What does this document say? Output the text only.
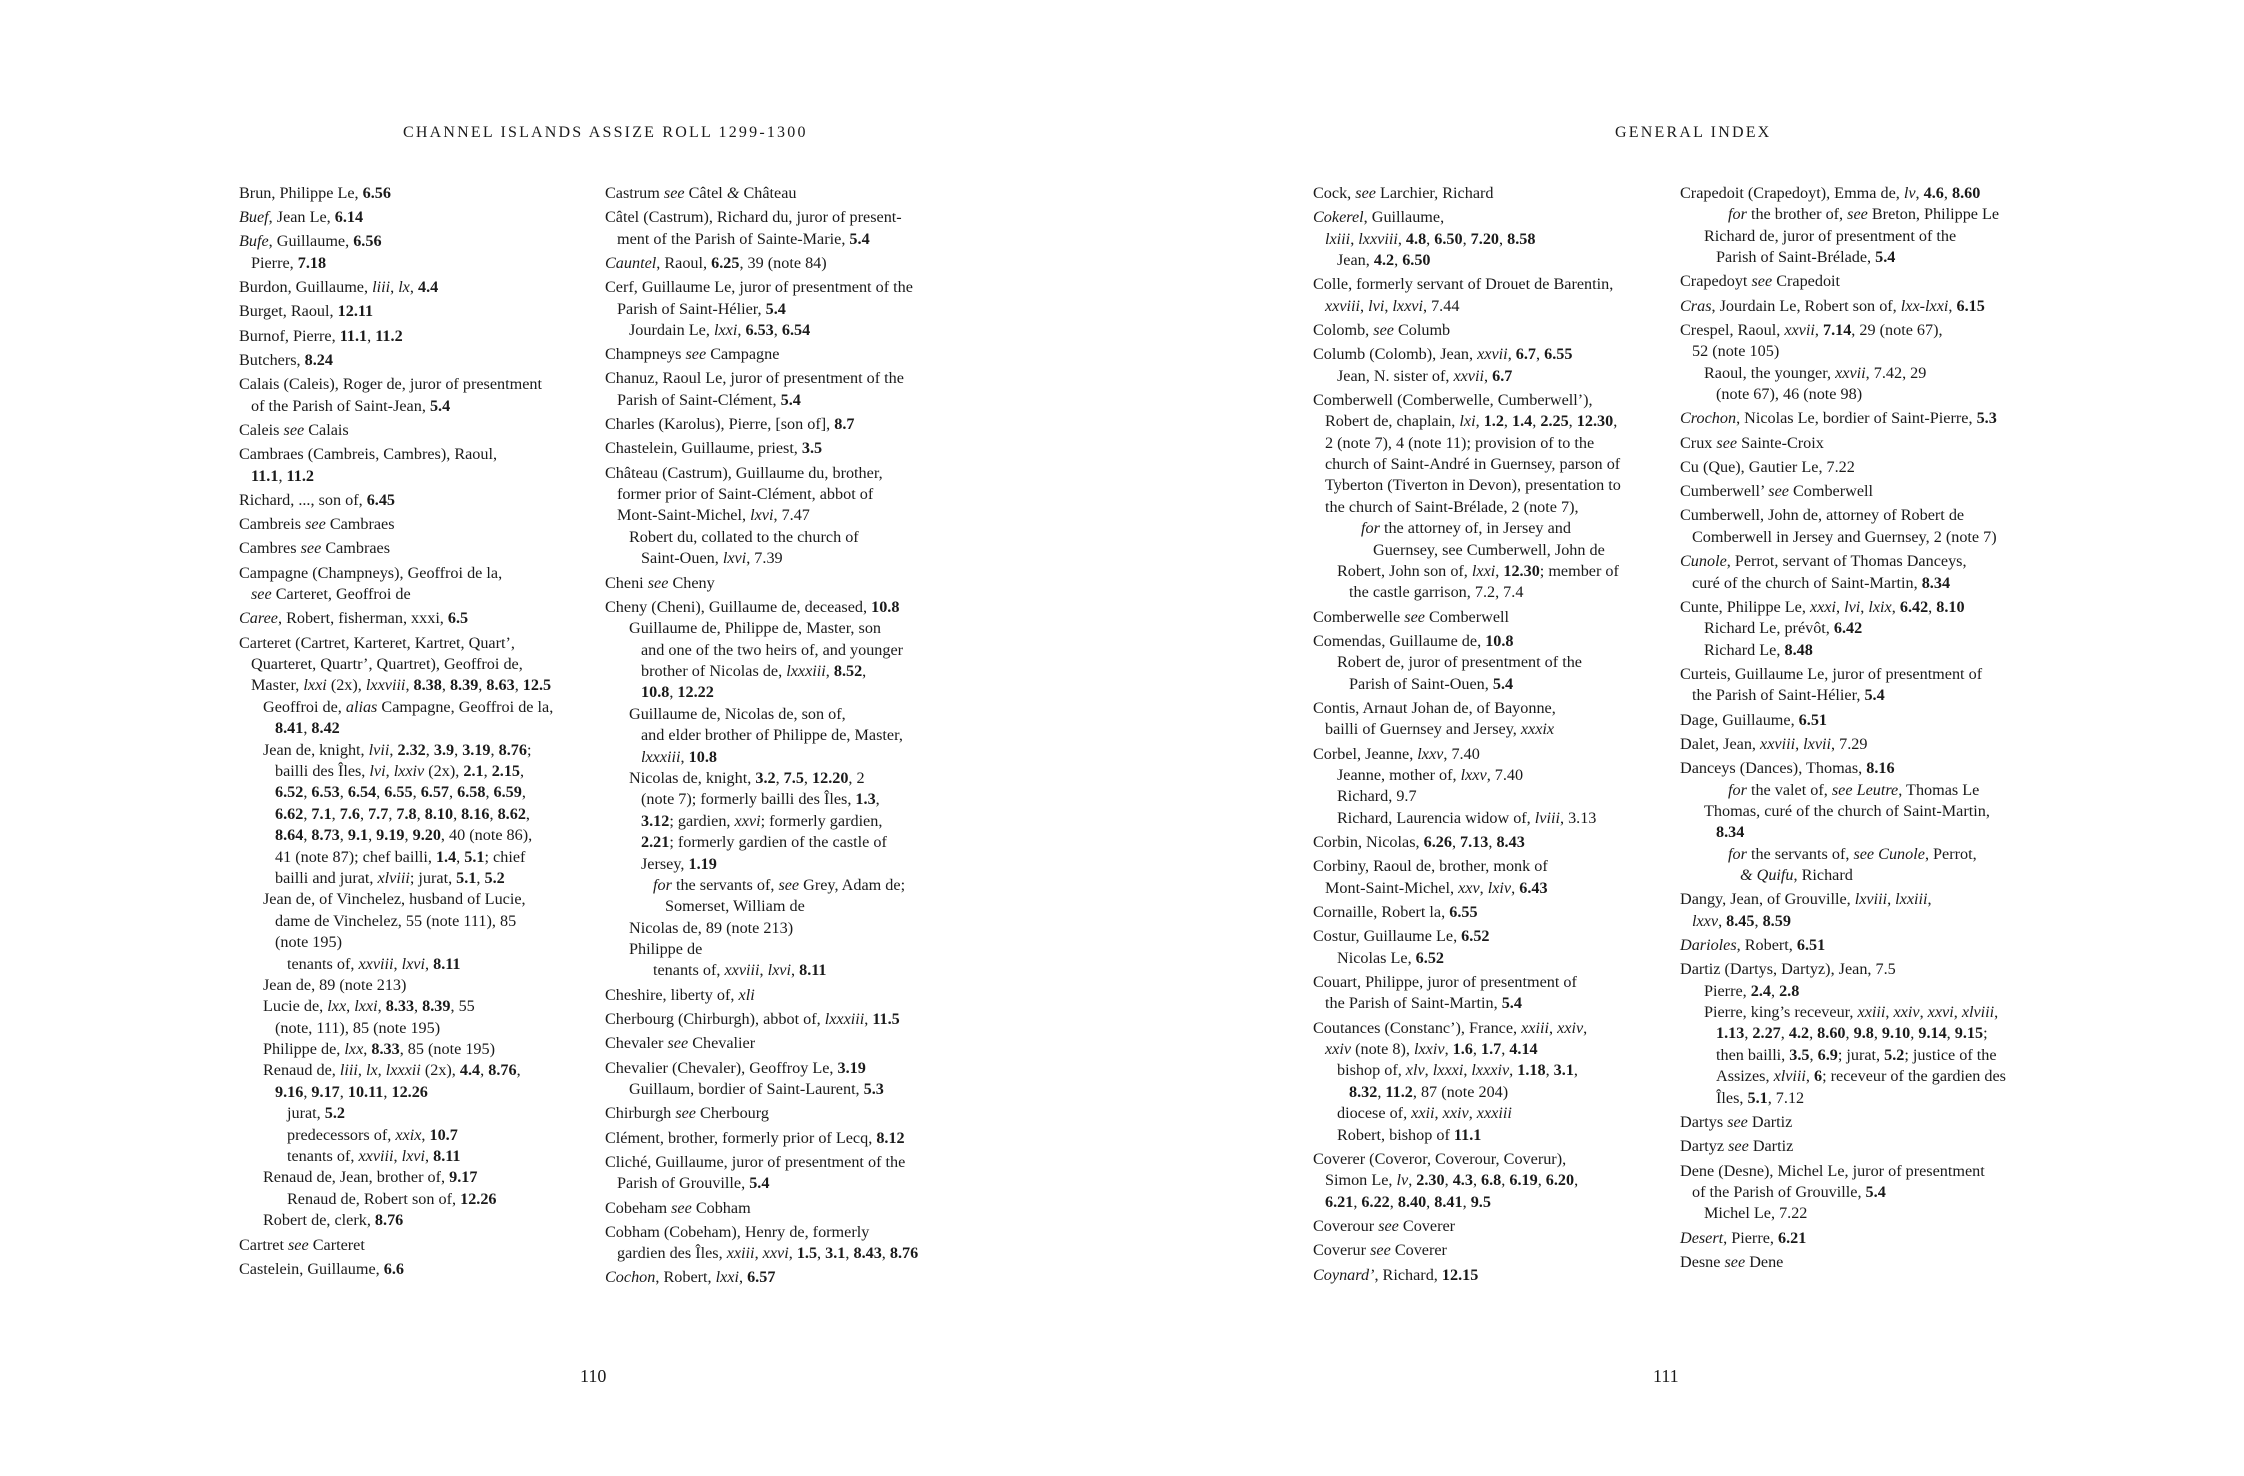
CHANNEL ISLANDS ASSIZE ROLL 1299-1300
Brun, Philippe Le, 6.56
Buef, Jean Le, 6.14
Bufe, Guillaume, 6.56
Pierre, 7.18
Burdon, Guillaume, liii, lx, 4.4
Burget, Raoul, 12.11
Burnof, Pierre, 11.1, 11.2
Butchers, 8.24
Calais (Caleis), Roger de, juror of presentment
of the Parish of Saint-Jean, 5.4
Caleis see Calais
Cambraes (Cambreis, Cambres), Raoul,
11.1, 11.2
Richard, ..., son of, 6.45
Cambreis see Cambraes
Cambres see Cambraes
Campagne (Champneys), Geoffroi de la,
see Carteret, Geoffroi de
Caree, Robert, fisherman, xxxi, 6.5
Carteret (Cartret, Karteret, Kartret, Quart’,
Quarteret, Quartr’, Quartret), Geoffroi de,
Master, lxxi (2x), lxxviii, 8.38, 8.39, 8.63, 12.5
Geoffroi de, alias Campagne, Geoffroi de la,
8.41, 8.42
Jean de, knight, lvii, 2.32, 3.9, 3.19, 8.76;
bailli des Îles, lvi, lxxiv (2x), 2.1, 2.15,
6.52, 6.53, 6.54, 6.55, 6.57, 6.58, 6.59,
6.62, 7.1, 7.6, 7.7, 7.8, 8.10, 8.16, 8.62,
8.64, 8.73, 9.1, 9.19, 9.20, 40 (note 86),
41 (note 87); chef bailli, 1.4, 5.1; chief
bailli and jurat, xlviii; jurat, 5.1, 5.2
Jean de, of Vinchelez, husband of Lucie,
dame de Vinchelez, 55 (note 111), 85
(note 195)
tenants of, xxviii, lxvi, 8.11
Jean de, 89 (note 213)
Lucie de, lxx, lxxi, 8.33, 8.39, 55
(note, 111), 85 (note 195)
Philippe de, lxx, 8.33, 85 (note 195)
Renaud de, liii, lx, lxxxii (2x), 4.4, 8.76,
9.16, 9.17, 10.11, 12.26
jurat, 5.2
predecessors of, xxix, 10.7
tenants of, xxviii, lxvi, 8.11
Renaud de, Jean, brother of, 9.17
Renaud de, Robert son of, 12.26
Robert de, clerk, 8.76
Cartret see Carteret
Castelein, Guillaume, 6.6
Castrum see Câtel & Château
Câtel (Castrum), Richard du, juror of present-
ment of the Parish of Sainte-Marie, 5.4
Cauntel, Raoul, 6.25, 39 (note 84)
Cerf, Guillaume Le, juror of presentment of the
Parish of Saint-Hélier, 5.4
Jourdain Le, lxxi, 6.53, 6.54
Champneys see Campagne
Chanuz, Raoul Le, juror of presentment of the
Parish of Saint-Clément, 5.4
Charles (Karolus), Pierre, [son of], 8.7
Chastelein, Guillaume, priest, 3.5
Château (Castrum), Guillaume du, brother,
former prior of Saint-Clément, abbot of
Mont-Saint-Michel, lxvi, 7.47
Robert du, collated to the church of
Saint-Ouen, lxvi, 7.39
Cheni see Cheny
Cheny (Cheni), Guillaume de, deceased, 10.8
Guillaume de, Philippe de, Master, son
and one of the two heirs of, and younger
brother of Nicolas de, lxxxiii, 8.52,
10.8, 12.22
Guillaume de, Nicolas de, son of,
and elder brother of Philippe de, Master,
lxxxiii, 10.8
Nicolas de, knight, 3.2, 7.5, 12.20, 2
(note 7); formerly bailli des Îles, 1.3,
3.12; gardien, xxvi; formerly gardien,
2.21; formerly gardien of the castle of
Jersey, 1.19
for the servants of, see Grey, Adam de;
Somerset, William de
Nicolas de, 89 (note 213)
Philippe de
tenants of, xxviii, lxvi, 8.11
Cheshire, liberty of, xli
Cherbourg (Chirburgh), abbot of, lxxxiii, 11.5
Chevaler see Chevalier
Chevalier (Chevaler), Geoffroy Le, 3.19
Guillaum, bordier of Saint-Laurent, 5.3
Chirburgh see Cherbourg
Clément, brother, formerly prior of Lecq, 8.12
Cliché, Guillaume, juror of presentment of the
Parish of Grouville, 5.4
Cobeham see Cobham
Cobham (Cobeham), Henry de, formerly
gardien des Îles, xxiii, xxvi, 1.5, 3.1, 8.43, 8.76
Cochon, Robert, lxxi, 6.57
110
GENERAL INDEX
Cock, see Larchier, Richard
Cokerel, Guillaume,
lxiii, lxxviii, 4.8, 6.50, 7.20, 8.58
Jean, 4.2, 6.50
Colle, formerly servant of Drouet de Barentin,
xxviii, lvi, lxxvi, 7.44
Colomb, see Columb
Columb (Colomb), Jean, xxvii, 6.7, 6.55
Jean, N. sister of, xxvii, 6.7
Comberwell (Comberwelle, Cumberwell’),
Robert de, chaplain, lxi, 1.2, 1.4, 2.25, 12.30,
2 (note 7), 4 (note 11); provision of to the
church of Saint-André in Guernsey, parson of
Tyberton (Tiverton in Devon), presentation to
the church of Saint-Brélade, 2 (note 7),
for the attorney of, in Jersey and
Guernsey, see Cumberwell, John de
Robert, John son of, lxxi, 12.30; member of
the castle garrison, 7.2, 7.4
Comberwelle see Comberwell
Comendas, Guillaume de, 10.8
Robert de, juror of presentment of the
Parish of Saint-Ouen, 5.4
Contis, Arnaut Johan de, of Bayonne,
bailli of Guernsey and Jersey, xxxix
Corbel, Jeanne, lxxv, 7.40
Jeanne, mother of, lxxv, 7.40
Richard, 9.7
Richard, Laurencia widow of, lviii, 3.13
Corbin, Nicolas, 6.26, 7.13, 8.43
Corbiny, Raoul de, brother, monk of
Mont-Saint-Michel, xxv, lxiv, 6.43
Cornaille, Robert la, 6.55
Costur, Guillaume Le, 6.52
Nicolas Le, 6.52
Couart, Philippe, juror of presentment of
the Parish of Saint-Martin, 5.4
Coutances (Constanc’), France, xxiii, xxiv,
xxiv (note 8), lxxiv, 1.6, 1.7, 4.14
bishop of, xlv, lxxxi, lxxxiv, 1.18, 3.1,
8.32, 11.2, 87 (note 204)
diocese of, xxii, xxiv, xxxiii
Robert, bishop of 11.1
Coverer (Coveror, Coverour, Coverur),
Simon Le, lv, 2.30, 4.3, 6.8, 6.19, 6.20,
6.21, 6.22, 8.40, 8.41, 9.5
Coverour see Coverer
Coverur see Coverer
Coynard’, Richard, 12.15
Crapedoit (Crapedoyt), Emma de, lv, 4.6, 8.60
for the brother of, see Breton, Philippe Le
Richard de, juror of presentment of the
Parish of Saint-Brélade, 5.4
Crapedoyt see Crapedoit
Cras, Jourdain Le, Robert son of, lxx-lxxi, 6.15
Crespel, Raoul, xxvii, 7.14, 29 (note 67),
52 (note 105)
Raoul, the younger, xxvii, 7.42, 29
(note 67), 46 (note 98)
Crochon, Nicolas Le, bordier of Saint-Pierre, 5.3
Crux see Sainte-Croix
Cu (Que), Gautier Le, 7.22
Cumberwell’ see Comberwell
Cumberwell, John de, attorney of Robert de
Comberwell in Jersey and Guernsey, 2 (note 7)
Cunole, Perrot, servant of Thomas Danceys,
curé of the church of Saint-Martin, 8.34
Cunte, Philippe Le, xxxi, lvi, lxix, 6.42, 8.10
Richard Le, prévôt, 6.42
Richard Le, 8.48
Curteis, Guillaume Le, juror of presentment of
the Parish of Saint-Hélier, 5.4
Dage, Guillaume, 6.51
Dalet, Jean, xxviii, lxvii, 7.29
Danceys (Dances), Thomas, 8.16
for the valet of, see Leutre, Thomas Le
Thomas, curé of the church of Saint-Martin,
8.34
for the servants of, see Cunole, Perrot,
& Quifu, Richard
Dangy, Jean, of Grouville, lxviii, lxxiii,
lxxv, 8.45, 8.59
Darioles, Robert, 6.51
Dartiz (Dartys, Dartyz), Jean, 7.5
Pierre, 2.4, 2.8
Pierre, king’s receveur, xxiii, xxiv, xxvi, xlviii,
1.13, 2.27, 4.2, 8.60, 9.8, 9.10, 9.14, 9.15;
then bailli, 3.5, 6.9; jurat, 5.2; justice of the
Assizes, xlviii, 6; receveur of the gardien des
Îles, 5.1, 7.12
Dartys see Dartiz
Dartyz see Dartiz
Dene (Desne), Michel Le, juror of presentment
of the Parish of Grouville, 5.4
Michel Le, 7.22
Desert, Pierre, 6.21
Desne see Dene
111
